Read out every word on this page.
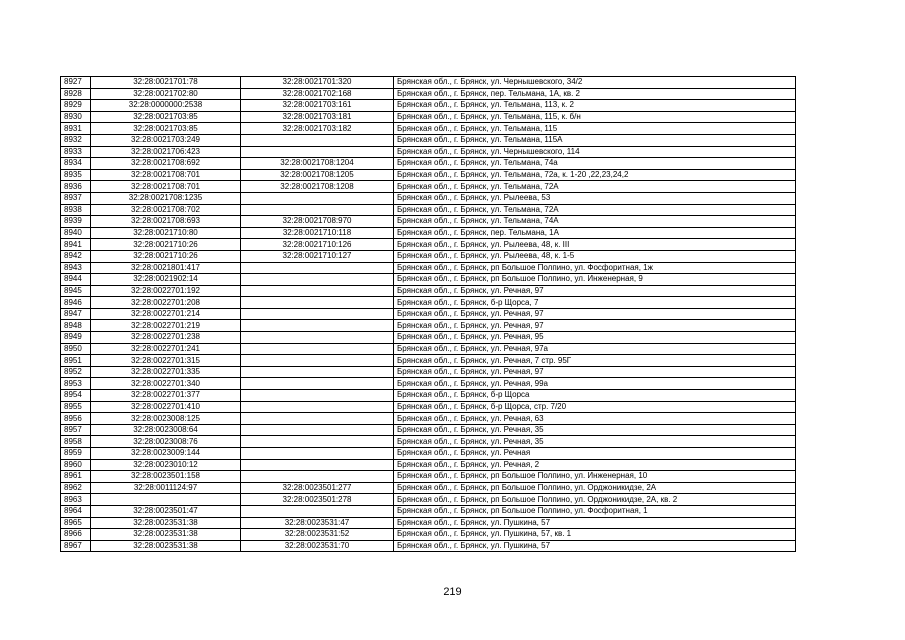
8927	32:28:0021701:78	32:28:0021701:320	Брянская обл., г. Брянск, ул. Чернышевского, 34/2
8928	32:28:0021702:80	32:28:0021702:168	Брянская обл., г. Брянск, пер. Тельмана, 1А, кв. 2
8929	32:28:0000000:2538	32:28:0021703:161	Брянская обл., г. Брянск, ул. Тельмана, 113, к. 2
8930	32:28:0021703:85	32:28:0021703:181	Брянская обл., г. Брянск, ул. Тельмана, 115, к. б/н
8931	32:28:0021703:85	32:28:0021703:182	Брянская обл., г. Брянск, ул. Тельмана, 115
8932	32:28:0021703:249		Брянская обл., г. Брянск, ул. Тельмана, 115А
8933	32:28:0021706:423		Брянская обл., г. Брянск, ул. Чернышевского, 114
8934	32:28:0021708:692	32:28:0021708:1204	Брянская обл., г. Брянск, ул. Тельмана, 74а
8935	32:28:0021708:701	32:28:0021708:1205	Брянская обл., г. Брянск, ул. Тельмана, 72а, к. 1-20 ,22,23,24,2
8936	32:28:0021708:701	32:28:0021708:1208	Брянская обл., г. Брянск, ул. Тельмана, 72А
8937	32:28:0021708:1235		Брянская обл., г. Брянск, ул. Рылеева, 53
8938	32:28:0021708:702		Брянская обл., г. Брянск, ул. Тельмана, 72А
8939	32:28:0021708:693	32:28:0021708:970	Брянская обл., г. Брянск, ул. Тельмана, 74А
8940	32:28:0021710:80	32:28:0021710:118	Брянская обл., г. Брянск, пер. Тельмана, 1А
8941	32:28:0021710:26	32:28:0021710:126	Брянская обл., г. Брянск, ул. Рылеева, 48, к. III
8942	32:28:0021710:26	32:28:0021710:127	Брянская обл., г. Брянск, ул. Рылеева, 48, к. 1-5
8943	32:28:0021801:417		Брянская обл., г. Брянск, рп Большое Полпино, ул. Фосфоритная, 1ж
8944	32:28:0021902:14		Брянская обл., г. Брянск, рп Большое Полпино, ул. Инженерная, 9
8945	32:28:0022701:192		Брянская обл., г. Брянск, ул. Речная, 97
8946	32:28:0022701:208		Брянская обл., г. Брянск, б-р Щорса, 7
8947	32:28:0022701:214		Брянская обл., г. Брянск, ул. Речная, 97
8948	32:28:0022701:219		Брянская обл., г. Брянск, ул. Речная, 97
8949	32:28:0022701:238		Брянская обл., г. Брянск, ул. Речная, 95
8950	32:28:0022701:241		Брянская обл., г. Брянск, ул. Речная, 97а
8951	32:28:0022701:315		Брянская обл., г. Брянск, ул. Речная, 7 стр. 95Г
8952	32:28:0022701:335		Брянская обл., г. Брянск, ул. Речная, 97
8953	32:28:0022701:340		Брянская обл., г. Брянск, ул. Речная, 99а
8954	32:28:0022701:377		Брянская обл., г. Брянск, б-р Щорса
8955	32:28:0022701:410		Брянская обл., г. Брянск, б-р Щорса, стр. 7/20
8956	32:28:0023008:125		Брянская обл., г. Брянск, ул. Речная, 63
8957	32:28:0023008:64		Брянская обл., г. Брянск, ул. Речная, 35
8958	32:28:0023008:76		Брянская обл., г. Брянск, ул. Речная, 35
8959	32:28:0023009:144		Брянская обл., г. Брянск, ул. Речная
8960	32:28:0023010:12		Брянская обл., г. Брянск, ул. Речная, 2
8961	32:28:0023501:158		Брянская обл., г. Брянск, рп Большое Полпино, ул. Инженерная, 10
8962	32:28:0011124:97	32:28:0023501:277	Брянская обл., г. Брянск, рп Большое Полпино, ул. Орджоникидзе, 2А
8963		32:28:0023501:278	Брянская обл., г. Брянск, рп Большое Полпино, ул. Орджоникидзе, 2А, кв. 2
8964	32:28:0023501:47		Брянская обл., г. Брянск, рп Большое Полпино, ул. Фосфоритная, 1
8965	32:28:0023531:38	32:28:0023531:47	Брянская обл., г. Брянск, ул. Пушкина, 57
8966	32:28:0023531:38	32:28:0023531:52	Брянская обл., г. Брянск, ул. Пушкина, 57, кв. 1
8967	32:28:0023531:38	32:28:0023531:70	Брянская обл., г. Брянск, ул. Пушкина, 57
219
